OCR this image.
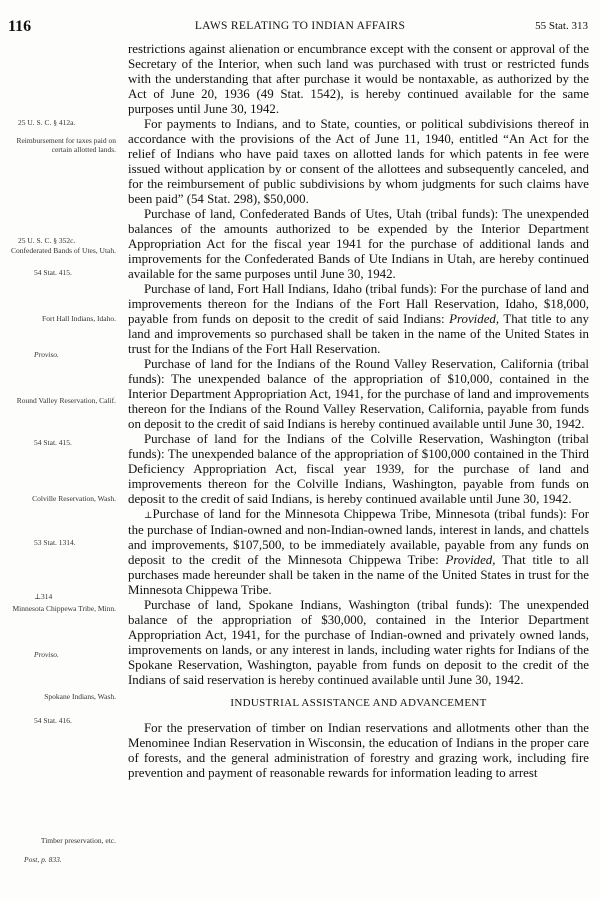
116	LAWS RELATING TO INDIAN AFFAIRS	55 Stat. 313
25 U. S. C. § 412a.
Reimbursement for taxes paid on certain allotted lands.
25 U. S. C. § 352c.
Confederated Bands of Utes, Utah.
54 Stat. 415.
Fort Hall Indians, Idaho.
Proviso.
Round Valley Reservation, Calif.
54 Stat. 415.
Colville Reservation, Wash.
53 Stat. 1314.
⊥314
Minnesota Chippewa Tribe, Minn.
Proviso.
Spokane Indians, Wash.
54 Stat. 416.
Timber preservation, etc.
Post, p. 833.

restrictions against alienation or encumbrance except with the consent or approval of the Secretary of the Interior, when such land was purchased with trust or restricted funds with the understanding that after purchase it would be nontaxable, as authorized by the Act of June 20, 1936 (49 Stat. 1542), is hereby continued available for the same purposes until June 30, 1942.

For payments to Indians, and to State, counties, or political subdivisions thereof in accordance with the provisions of the Act of June 11, 1940, entitled “An Act for the relief of Indians who have paid taxes on allotted lands for which patents in fee were issued without application by or consent of the allottees and subsequently canceled, and for the reimbursement of public subdivisions by whom judgments for such claims have been paid” (54 Stat. 298), $50,000.

Purchase of land, Confederated Bands of Utes, Utah (tribal funds): The unexpended balances of the amounts authorized to be expended by the Interior Department Appropriation Act for the fiscal year 1941 for the purchase of additional lands and improvements for the Confederated Bands of Ute Indians in Utah, are hereby continued available for the same purposes until June 30, 1942.

Purchase of land, Fort Hall Indians, Idaho (tribal funds): For the purchase of land and improvements thereon for the Indians of the Fort Hall Reservation, Idaho, $18,000, payable from funds on deposit to the credit of said Indians: Provided, That title to any land and improvements so purchased shall be taken in the name of the United States in trust for the Indians of the Fort Hall Reservation.

Purchase of land for the Indians of the Round Valley Reservation, California (tribal funds): The unexpended balance of the appropriation of $10,000, contained in the Interior Department Appropriation Act, 1941, for the purchase of land and improvements thereon for the Indians of the Round Valley Reservation, California, payable from funds on deposit to the credit of said Indians is hereby continued available until June 30, 1942.

Purchase of land for the Indians of the Colville Reservation, Washington (tribal funds): The unexpended balance of the appropriation of $100,000 contained in the Third Deficiency Appropriation Act, fiscal year 1939, for the purchase of land and improvements thereon for the Colville Indians, Washington, payable from funds on deposit to the credit of said Indians, is hereby continued available until June 30, 1942.

⊥Purchase of land for the Minnesota Chippewa Tribe, Minnesota (tribal funds): For the purchase of Indian-owned and non-Indian-owned lands, interest in lands, and chattels and improvements, $107,500, to be immediately available, payable from any funds on deposit to the credit of the Minnesota Chippewa Tribe: Provided, That title to all purchases made hereunder shall be taken in the name of the United States in trust for the Minnesota Chippewa Tribe.

Purchase of land, Spokane Indians, Washington (tribal funds): The unexpended balance of the appropriation of $30,000, contained in the Interior Department Appropriation Act, 1941, for the purchase of Indian-owned and privately owned lands, improvements on lands, or any interest in lands, including water rights for Indians of the Spokane Reservation, Washington, payable from funds on deposit to the credit of the Indians of said reservation is hereby continued available until June 30, 1942.

INDUSTRIAL ASSISTANCE AND ADVANCEMENT

For the preservation of timber on Indian reservations and allotments other than the Menominee Indian Reservation in Wisconsin, the education of Indians in the proper care of forests, and the general administration of forestry and grazing work, including fire prevention and payment of reasonable rewards for information leading to arrest
